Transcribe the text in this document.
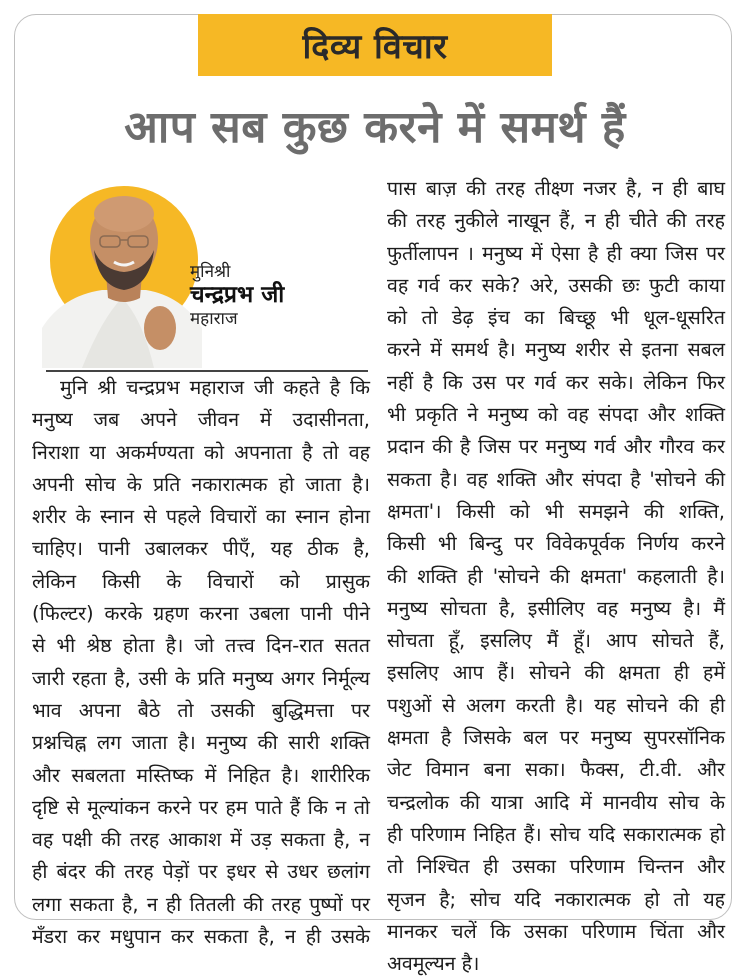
दिव्य विचार
आप सब कुछ करने में समर्थ हैं
मुनिश्री
चन्द्रप्रभ जी
महाराज
मुनि श्री चन्द्रप्रभ महाराज जी कहते है कि
मनुष्य जब अपने जीवन में उदासीनता,
निराशा या अकर्मण्यता को अपनाता है तो वह
अपनी सोच के प्रति नकारात्मक हो जाता है।
शरीर के स्नान से पहले विचारों का स्नान होना
चाहिए। पानी उबालकर पीएँ, यह ठीक है,
लेकिन किसी के विचारों को प्रासुक
(फिल्टर) करके ग्रहण करना उबला पानी पीने
से भी श्रेष्ठ होता है। जो तत्त्व दिन-रात सतत
जारी रहता है, उसी के प्रति मनुष्य अगर निर्मूल्य
भाव अपना बैठे तो उसकी बुद्धिमत्ता पर
प्रश्नचिह्न लग जाता है। मनुष्य की सारी शक्ति
और सबलता मस्तिष्क में निहित है। शारीरिक
दृष्टि से मूल्यांकन करने पर हम पाते हैं कि न तो
वह पक्षी की तरह आकाश में उड़ सकता है, न
ही बंदर की तरह पेड़ों पर इधर से उधर छलांग
लगा सकता है, न ही तितली की तरह पुष्पों पर
मँडरा कर मधुपान कर सकता है, न ही उसके
पास बाज़ की तरह तीक्ष्ण नजर है, न ही बाघ
की तरह नुकीले नाखून हैं, न ही चीते की तरह
फुर्तीलापन । मनुष्य में ऐसा है ही क्या जिस पर
वह गर्व कर सके? अरे, उसकी छः फुटी काया
को तो डेढ़ इंच का बिच्छू भी धूल-धूसरित
करने में समर्थ है। मनुष्य शरीर से इतना सबल
नहीं है कि उस पर गर्व कर सके। लेकिन फिर
भी प्रकृति ने मनुष्य को वह संपदा और शक्ति
प्रदान की है जिस पर मनुष्य गर्व और गौरव कर
सकता है। वह शक्ति और संपदा है 'सोचने की
क्षमता'। किसी को भी समझने की शक्ति,
किसी भी बिन्दु पर विवेकपूर्वक निर्णय करने
की शक्ति ही 'सोचने की क्षमता' कहलाती है।
मनुष्य सोचता है, इसीलिए वह मनुष्य है। मैं
सोचता हूँ, इसलिए मैं हूँ। आप सोचते हैं,
इसलिए आप हैं। सोचने की क्षमता ही हमें
पशुओं से अलग करती है। यह सोचने की ही
क्षमता है जिसके बल पर मनुष्य सुपरसॉनिक
जेट विमान बना सका। फैक्स, टी.वी. और
चन्द्रलोक की यात्रा आदि में मानवीय सोच के
ही परिणाम निहित हैं। सोच यदि सकारात्मक हो
तो निश्चित ही उसका परिणाम चिन्तन और
सृजन है; सोच यदि नकारात्मक हो तो यह
मानकर चलें कि उसका परिणाम चिंता और
अवमूल्यन है।
